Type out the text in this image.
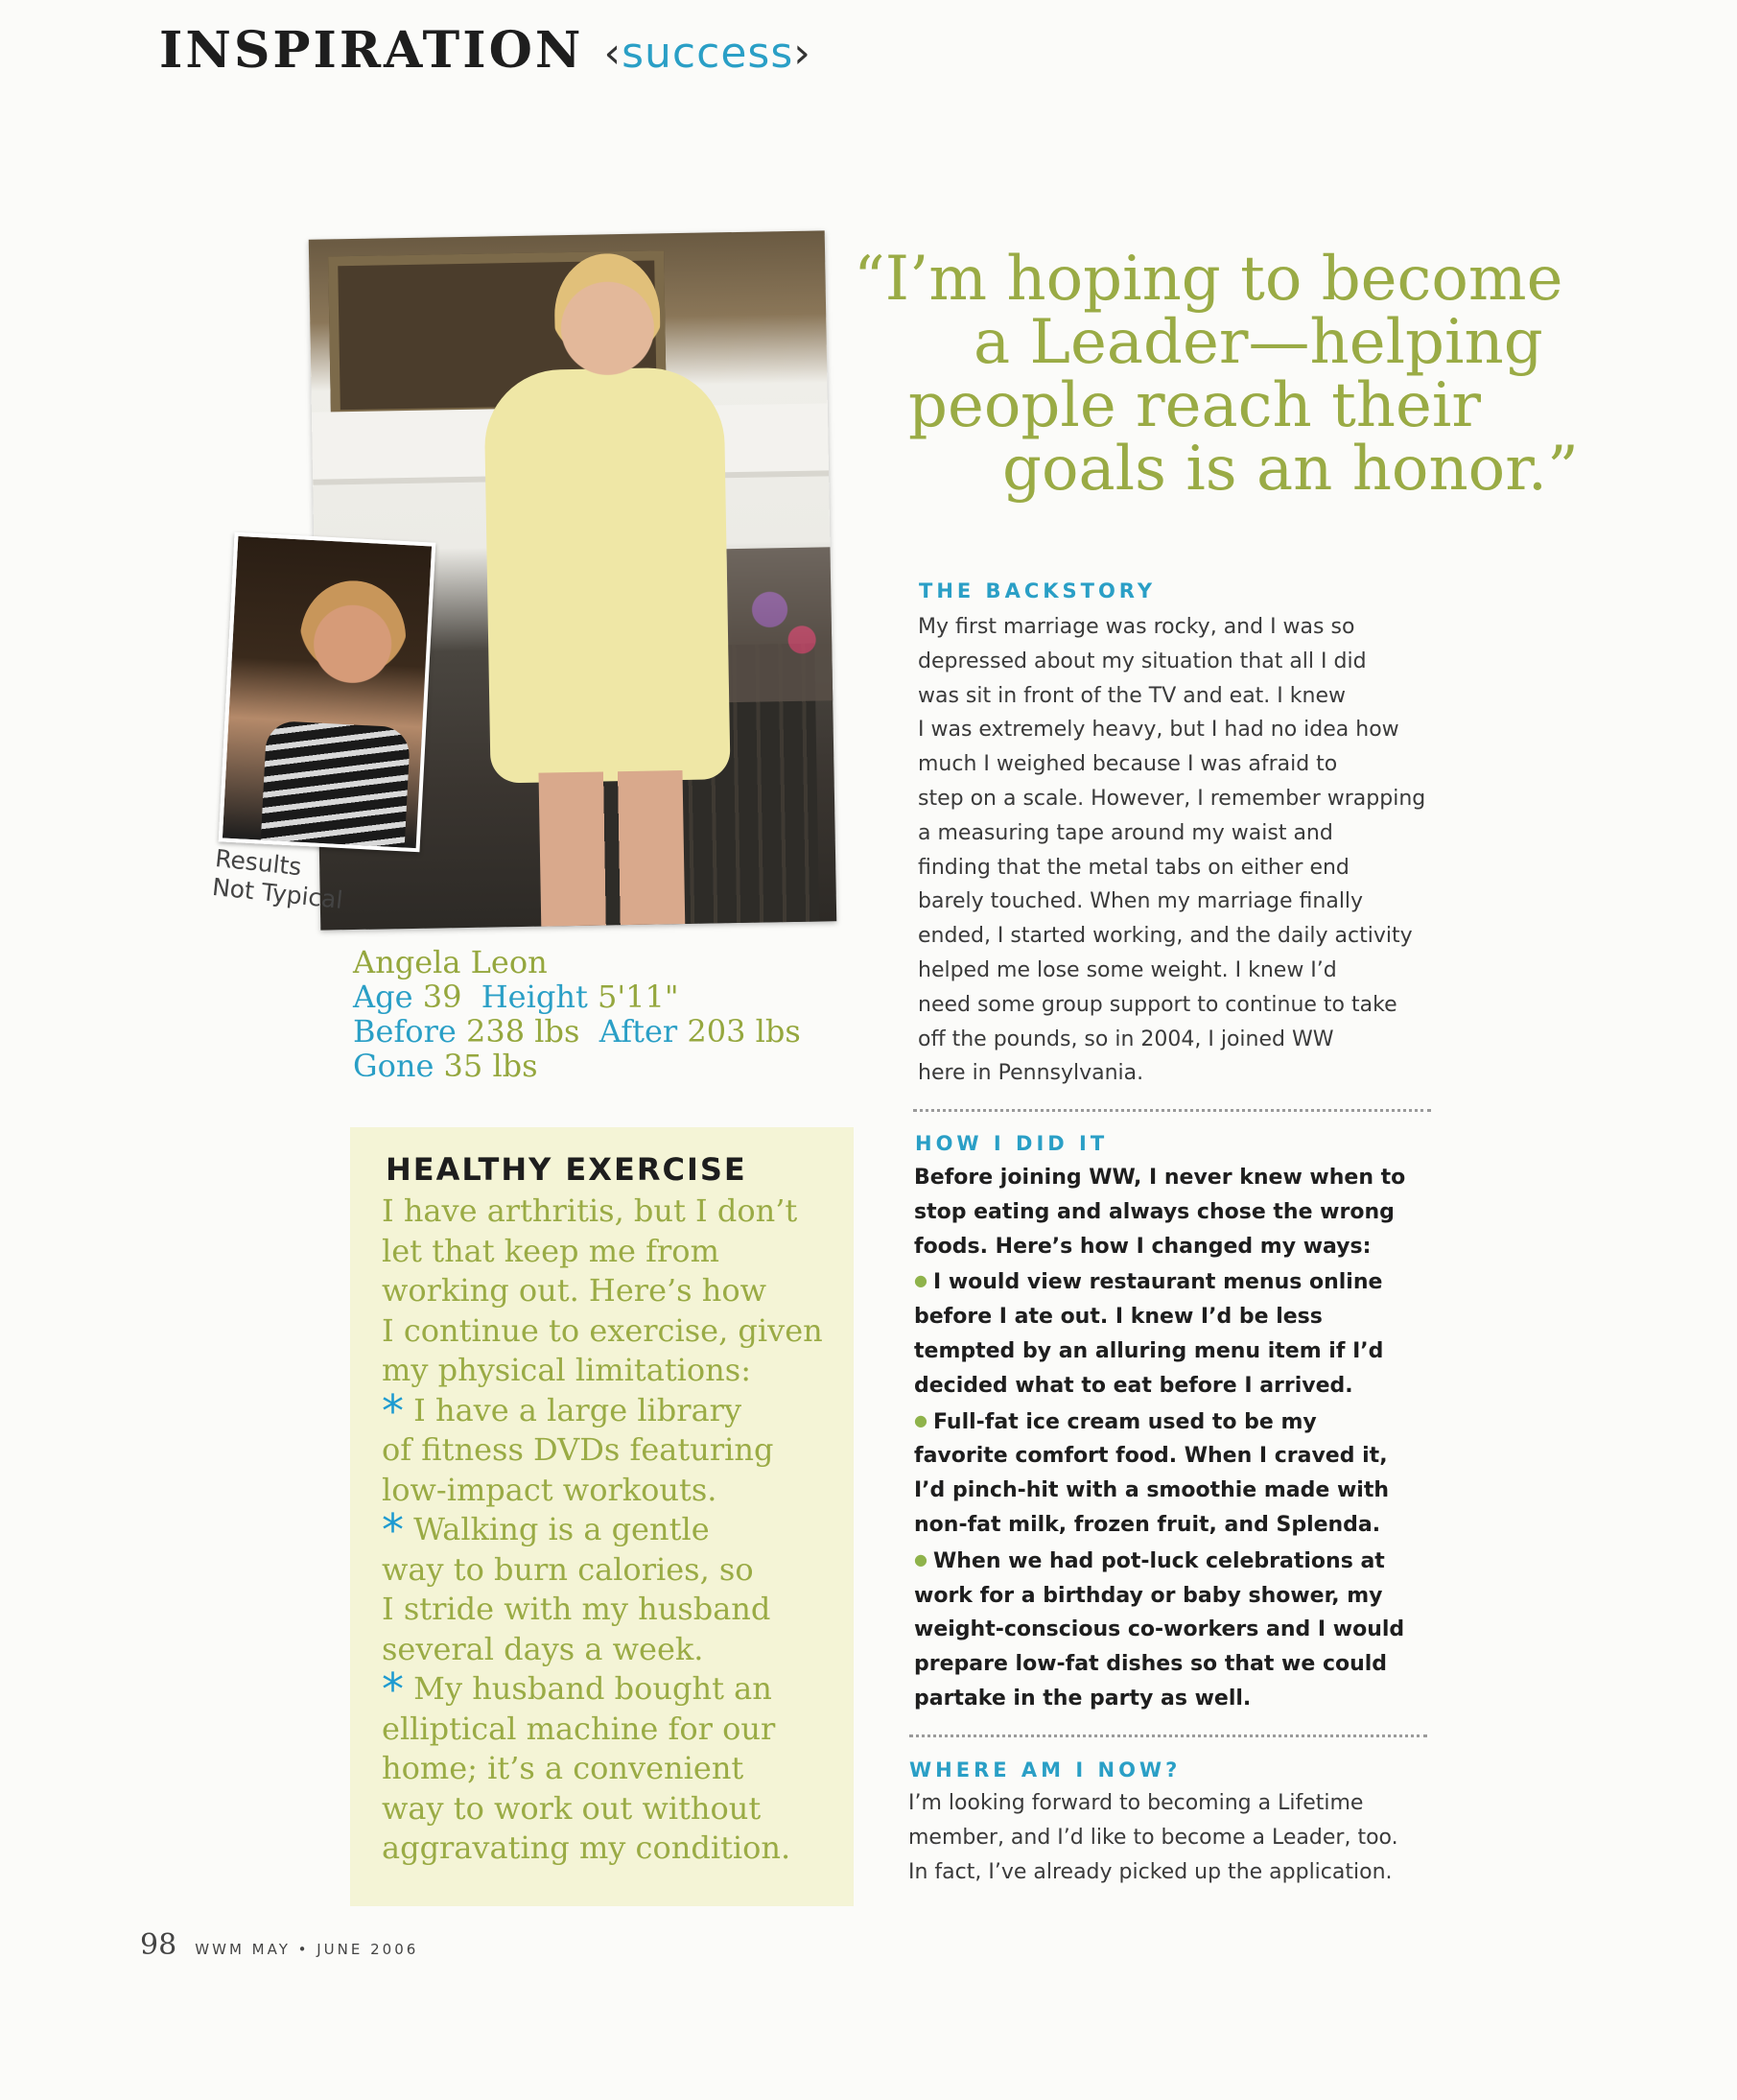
INSPIRATION ‹success›
Results
Not Typical
Angela Leon
Age 39 Height 5'11"
Before 238 lbs After 203 lbs
Gone 35 lbs
“I’m hoping to become
a Leader—helping
people reach their
goals is an honor.”
HEALTHY EXERCISE
I have arthritis, but I don’t
let that keep me from
working out. Here’s how
I continue to exercise, given
my physical limitations:
* I have a large library
of fitness DVDs featuring
low-impact workouts.
* Walking is a gentle
way to burn calories, so
I stride with my husband
several days a week.
* My husband bought an
elliptical machine for our
home; it’s a convenient
way to work out without
aggravating my condition.
THE BACKSTORY
My first marriage was rocky, and I was so
depressed about my situation that all I did
was sit in front of the TV and eat. I knew
I was extremely heavy, but I had no idea how
much I weighed because I was afraid to
step on a scale. However, I remember wrapping
a measuring tape around my waist and
finding that the metal tabs on either end
barely touched. When my marriage finally
ended, I started working, and the daily activity
helped me lose some weight. I knew I’d
need some group support to continue to take
off the pounds, so in 2004, I joined WW
here in Pennsylvania.
HOW I DID IT
Before joining WW, I never knew when to
stop eating and always chose the wrong
foods. Here’s how I changed my ways:
● I would view restaurant menus online
before I ate out. I knew I’d be less
tempted by an alluring menu item if I’d
decided what to eat before I arrived.
● Full-fat ice cream used to be my
favorite comfort food. When I craved it,
I’d pinch-hit with a smoothie made with
non-fat milk, frozen fruit, and Splenda.
● When we had pot-luck celebrations at
work for a birthday or baby shower, my
weight-conscious co-workers and I would
prepare low-fat dishes so that we could
partake in the party as well.
WHERE AM I NOW?
I’m looking forward to becoming a Lifetime
member, and I’d like to become a Leader, too.
In fact, I’ve already picked up the application.
98 WWM MAY • JUNE 2006
